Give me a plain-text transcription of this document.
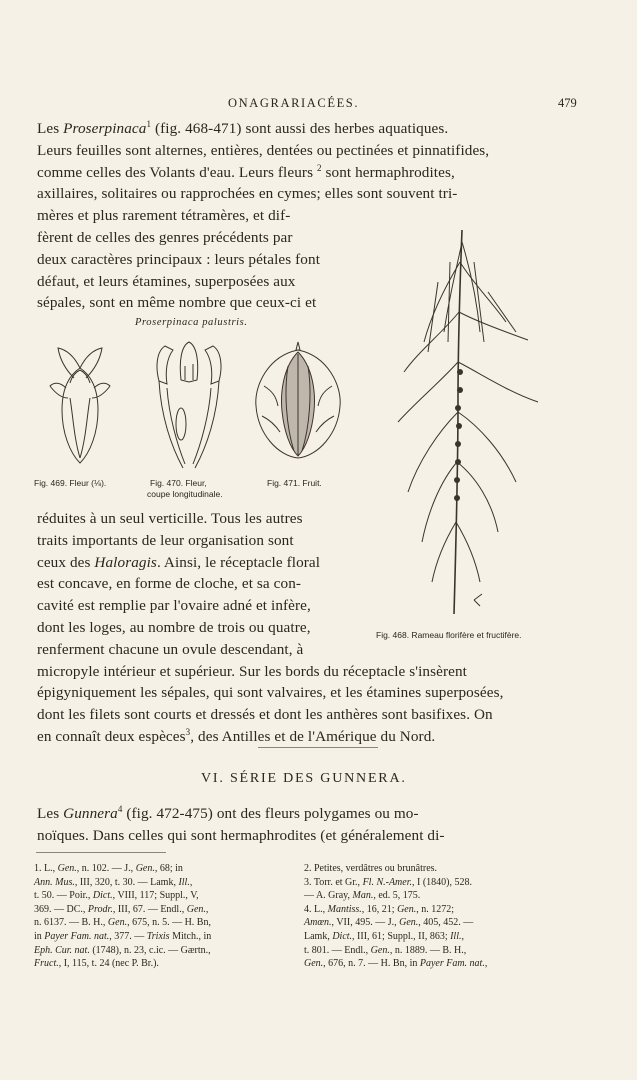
ONAGRARIACÉES.	479
Les Proserpinaca$^1$ (fig. 468-471) sont aussi des herbes aquatiques.
Leurs feuilles sont alternes, entières, dentées ou pectinées et pinnatifides,
comme celles des Volants d'eau. Leurs fleurs $^2$ sont hermaphrodites,
axillaires, solitaires ou rapprochées en cymes; elles sont souvent tri-
mères et plus rarement tétramères, et dif-
fèrent de celles des genres précédents par
deux caractères principaux : leurs pétales font
défaut, et leurs étamines, superposées aux
sépales, sont en même nombre que ceux-ci et
réduites à un seul verticille. Tous les autres
traits importants de leur organisation sont
ceux des Haloragis. Ainsi, le réceptacle floral
est concave, en forme de cloche, et sa con-
cavité est remplie par l'ovaire adné et infère,
dont les loges, au nombre de trois ou quatre,
renferment chacune un ovule descendant, à
micropyle intérieur et supérieur. Sur les bords du réceptacle s'insèrent
épigyniquement les sépales, qui sont valvaires, et les étamines superposées,
dont les filets sont courts et dressés et dont les anthères sont basifixes. On
en connaît deux espèces$^3$, des Antilles et de l'Amérique du Nord.
Proserpinaca palustris.
Fig. 469. Fleur (⅛).	Fig. 470. Fleur,
coupe longitudinale.
Fig. 471. Fruit.
Fig. 468. Rameau florifère et fructifère.
VI. SÉRIE DES GUNNERA.
Les Gunnera$^4$ (fig. 472-475) ont des fleurs polygames ou mo-
noïques. Dans celles qui sont hermaphrodites (et généralement di-
1. L., Gen., n. 102. — J., Gen., 68; in
Ann. Mus., III, 320, t. 30. — Lamk, Ill.,
t. 50. — Poir., Dict., VIII, 117; Suppl., V,
369. — DC., Prodr., III, 67. — Endl., Gen.,
n. 6137. — B. H., Gen., 675, n. 5. — H. Bn,
in Payer Fam. nat., 377. — Trixis Mitch., in
Eph. Cur. nat. (1748), n. 23, c.ic. — Gærtn.,
Fruct., I, 115, t. 24 (nec P. Br.).
2. Petites, verdâtres ou brunâtres.
3. Torr. et Gr., Fl. N.-Amer., I (1840), 528.
— A. Gray, Man., ed. 5, 175.
4. L., Mantiss., 16, 21; Gen., n. 1272;
Amœn., VII, 495. — J., Gen., 405, 452. —
Lamk, Dict., III, 61; Suppl., II, 863; Ill.,
t. 801. — Endl., Gen., n. 1889. — B. H.,
Gen., 676, n. 7. — H. Bn, in Payer Fam. nat.,
